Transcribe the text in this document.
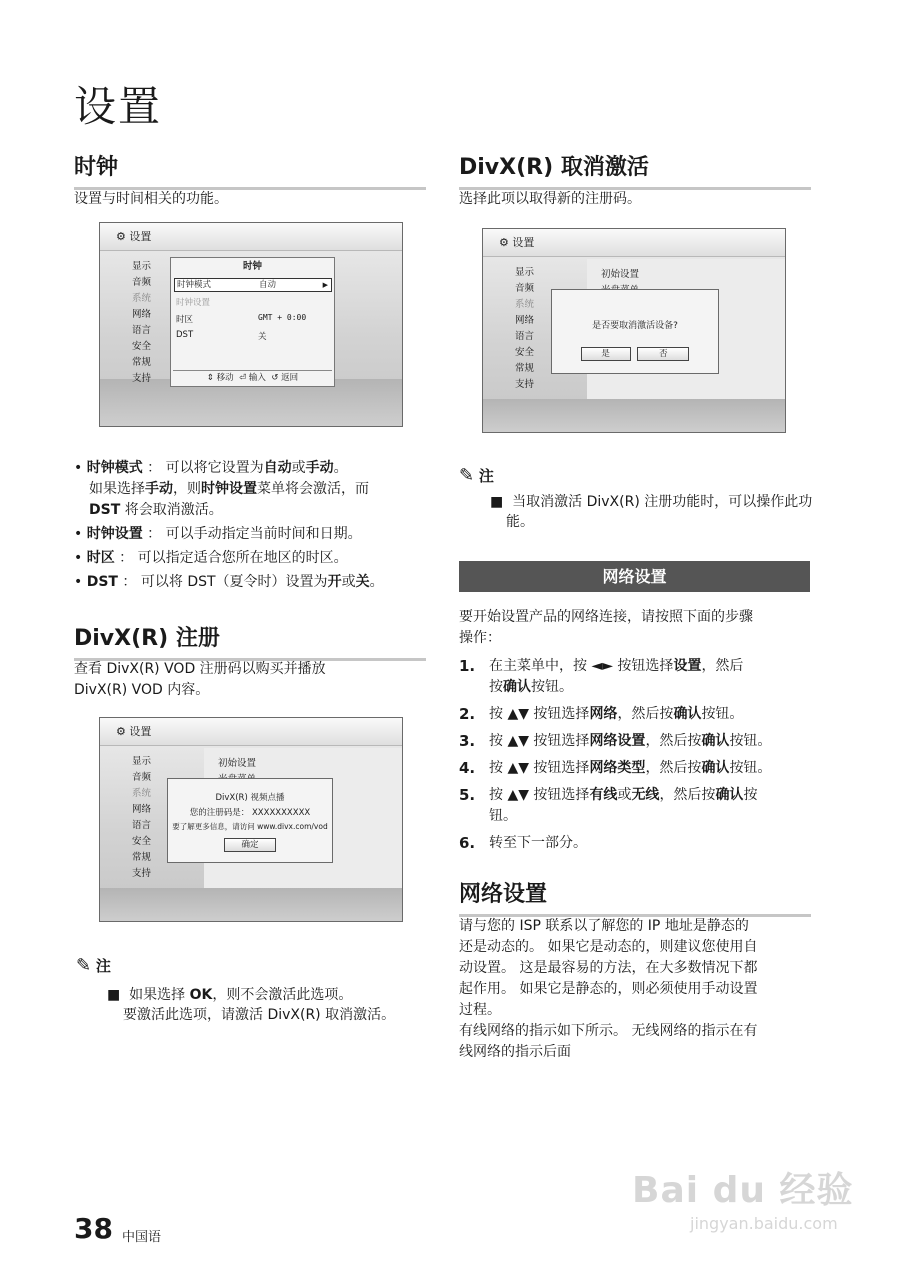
设置
时钟
设置与时间相关的功能。
⚙ 设置
显示
音频
系统
网络
语言
安全
常规
支持
时钟
时钟模式	自动	▶
时钟设置
时区	GMT + 0:00
DST	关
⇕ 移动 ⏎ 输入 ↺ 返回
• 时钟模式 ： 可以将它设置为自动或手动。
如果选择手动，则时钟设置菜单将会激活，而
DST 将会取消激活。
• 时钟设置 ： 可以手动指定当前时间和日期。
• 时区 ： 可以指定适合您所在地区的时区。
• DST ： 可以将 DST（夏令时）设置为开或关。
DivX(R) 注册
查看 DivX(R) VOD 注册码以购买并播放
DivX(R) VOD 内容。
⚙ 设置
显示
音频
系统
网络
语言
安全
常规
支持
初始设置
DivX(R) 视频点播
您的注册码是： XXXXXXXXXX
要了解更多信息，请访问 www.divx.com/vod
确定
✎ 注
■  如果选择 OK，则不会激活此选项。
要激活此选项，请激活 DivX(R) 取消激活。
DivX(R) 取消激活
选择此项以取得新的注册码。
⚙ 设置
显示
音频
系统
网络
语言
安全
常规
支持
初始设置
是否要取消激活设备?
是	否
✎ 注
■  当取消激活 DivX(R) 注册功能时，可以操作此功
能。
网络设置
要开始设置产品的网络连接，请按照下面的步骤
操作：
1. 在主菜单中，按 ◄► 按钮选择设置，然后
按确认按钮。
2. 按 ▲▼ 按钮选择网络，然后按确认按钮。
3. 按 ▲▼ 按钮选择网络设置，然后按确认按钮。
4. 按 ▲▼ 按钮选择网络类型，然后按确认按钮。
5. 按 ▲▼ 按钮选择有线或无线，然后按确认按
钮。
6. 转至下一部分。
网络设置
请与您的 ISP 联系以了解您的 IP 地址是静态的
还是动态的。 如果它是动态的，则建议您使用自
动设置。 这是最容易的方法，在大多数情况下都
起作用。 如果它是静态的，则必须使用手动设置
过程。
有线网络的指示如下所示。 无线网络的指示在有
线网络的指示后面
38 中国语
Bai du 经验
jingyan.baidu.com
